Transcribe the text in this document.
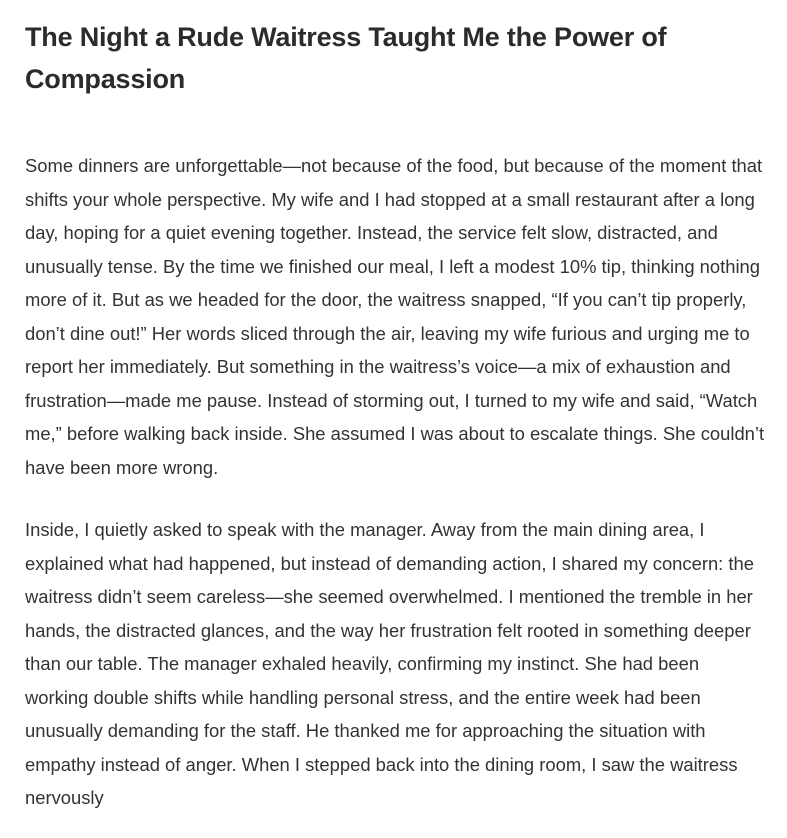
The Night a Rude Waitress Taught Me the Power of Compassion

Some dinners are unforgettable—not because of the food, but because of the moment that shifts your whole perspective. My wife and I had stopped at a small restaurant after a long day, hoping for a quiet evening together. Instead, the service felt slow, distracted, and unusually tense. By the time we finished our meal, I left a modest 10% tip, thinking nothing more of it. But as we headed for the door, the waitress snapped, “If you can’t tip properly, don’t dine out!” Her words sliced through the air, leaving my wife furious and urging me to report her immediately. But something in the waitress’s voice—a mix of exhaustion and frustration—made me pause. Instead of storming out, I turned to my wife and said, “Watch me,” before walking back inside. She assumed I was about to escalate things. She couldn’t have been more wrong.

Inside, I quietly asked to speak with the manager. Away from the main dining area, I explained what had happened, but instead of demanding action, I shared my concern: the waitress didn’t seem careless—she seemed overwhelmed. I mentioned the tremble in her hands, the distracted glances, and the way her frustration felt rooted in something deeper than our table. The manager exhaled heavily, confirming my instinct. She had been working double shifts while handling personal stress, and the entire week had been unusually demanding for the staff. He thanked me for approaching the situation with empathy instead of anger. When I stepped back into the dining room, I saw the waitress nervously
